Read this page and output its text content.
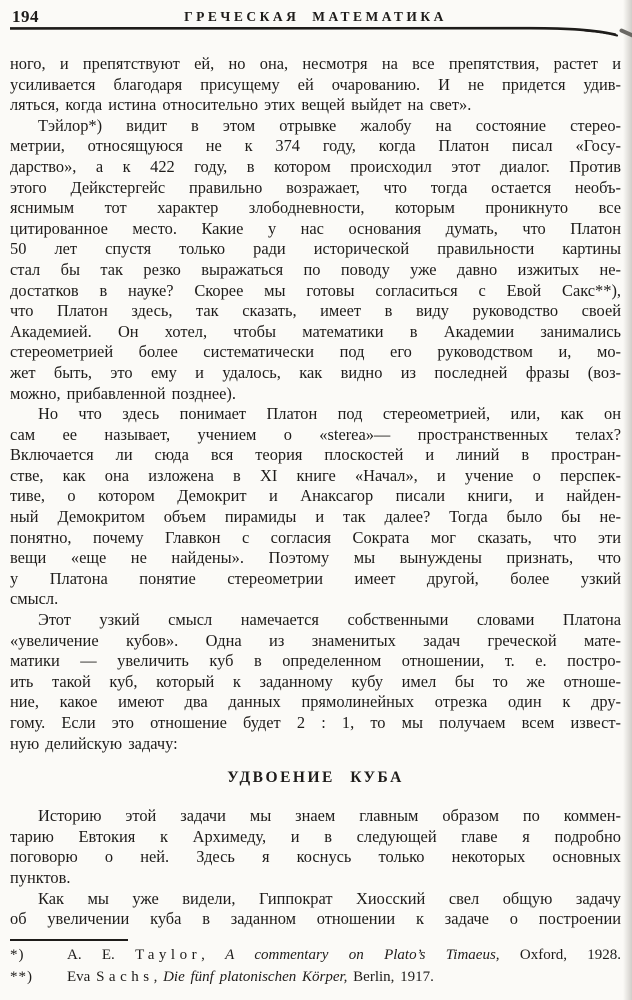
194	ГРЕЧЕСКАЯ МАТЕМАТИКА
ного, и препятствуют ей, но она, несмотря на все препятствия, растет и
усиливается благодаря присущему ей очарованию. И не придется удив-
ляться, когда истина относительно этих вещей выйдет на свет».
Тэйлор*) видит в этом отрывке жалобу на состояние стерео-
метрии, относящуюся не к 374 году, когда Платон писал «Госу-
дарство», а к 422 году, в котором происходил этот диалог. Против
этого Дейкстергейс правильно возражает, что тогда остается необъ-
яснимым тот характер злободневности, которым проникнуто все
цитированное место. Какие у нас основания думать, что Платон
50 лет спустя только ради исторической правильности картины
стал бы так резко выражаться по поводу уже давно изжитых не-
достатков в науке? Скорее мы готовы согласиться с Евой Сакс**),
что Платон здесь, так сказать, имеет в виду руководство своей
Академией. Он хотел, чтобы математики в Академии занимались
стереометрией более систематически под его руководством и, мо-
жет быть, это ему и удалось, как видно из последней фразы (воз-
можно, прибавленной позднее).
Но что здесь понимает Платон под стереометрией, или, как он
сам ее называет, учением о «sterea»— пространственных телах?
Включается ли сюда вся теория плоскостей и линий в простран-
стве, как она изложена в XI книге «Начал», и учение о перспек-
тиве, о котором Демокрит и Анаксагор писали книги, и найден-
ный Демокритом объем пирамиды и так далее? Тогда было бы не-
понятно, почему Главкон с согласия Сократа мог сказать, что эти
вещи «еще не найдены». Поэтому мы вынуждены признать, что
у Платона понятие стереометрии имеет другой, более узкий
смысл.
Этот узкий смысл намечается собственными словами Платона
«увеличение кубов». Одна из знаменитых задач греческой мате-
матики — увеличить куб в определенном отношении, т. е. постро-
ить такой куб, который к заданному кубу имел бы то же отноше-
ние, какое имеют два данных прямолинейных отрезка один к дру-
гому. Если это отношение будет 2 : 1, то мы получаем всем извест-
ную делийскую задачу:
УДВОЕНИЕ КУБА
Историю этой задачи мы знаем главным образом по коммен-
тарию Евтокия к Архимеду, и в следующей главе я подробно
поговорю о ней. Здесь я коснусь только некоторых основных
пунктов.
Как мы уже видели, Гиппократ Хиосский свел общую задачу
об увеличении куба в заданном отношении к задаче о построении
*)	A. E. Taylor, A commentary on Plato’s Timaeus, Oxford, 1928.
**) Eva Sachs, Die fünf platonischen Körper, Berlin, 1917.
